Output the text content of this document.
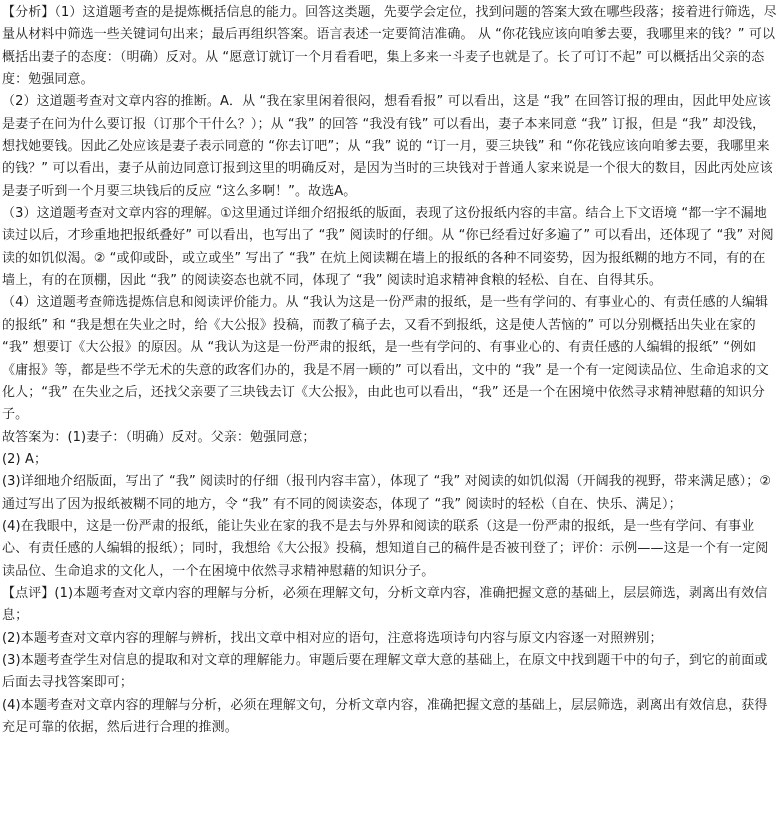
【分析】（1）这道题考查的是提炼概括信息的能力。回答这类题，先要学会定位，找到问题的答案大致在哪些段落；接着进行筛选，尽量从材料中筛选一些关键词句出来；最后再组织答案。语言表述一定要简洁准确。 从 “你花钱应该向咱爹去要，我哪里来的钱？” 可以概括出妻子的态度：（明确）反对。从 “愿意订就订一个月看看吧，集上多来一斗麦子也就是了。长了可订不起” 可以概括出父亲的态度：勉强同意。

（2）这道题考查对文章内容的推断。A．从 “我在家里闲着很闷，想看看报” 可以看出，这是 “我” 在回答订报的理由，因此甲处应该是妻子在问为什么要订报（订那个干什么？）；从 “我” 的回答 “我没有钱” 可以看出，妻子本来同意 “我” 订报，但是 “我” 却没钱，想找她要钱。因此乙处应该是妻子表示同意的 “你去订吧”；从 “我” 说的 “订一月，要三块钱” 和 “你花钱应该向咱爹去要，我哪里来的钱？” 可以看出，妻子从前边同意订报到这里的明确反对，是因为当时的三块钱对于普通人家来说是一个很大的数目，因此丙处应该是妻子听到一个月要三块钱后的反应 “这么多啊！”。故选A。

（3）这道题考查对文章内容的理解。①这里通过详细介绍报纸的版面，表现了这份报纸内容的丰富。结合上下文语境 “都一字不漏地读过以后，才珍重地把报纸叠好” 可以看出，也写出了 “我” 阅读时的仔细。从 “你已经看过好多遍了” 可以看出，还体现了 “我” 对阅读的如饥似渴。② “或仰或卧，或立或坐” 写出了 “我” 在炕上阅读糊在墙上的报纸的各种不同姿势，因为报纸糊的地方不同，有的在墙上，有的在顶棚，因此 “我” 的阅读姿态也就不同，体现了 “我” 阅读时追求精神食粮的轻松、自在、自得其乐。

（4）这道题考查筛选提炼信息和阅读评价能力。从 “我认为这是一份严肃的报纸，是一些有学问的、有事业心的、有责任感的人编辑的报纸” 和 “我是想在失业之时，给《大公报》投稿，而教了稿子去，又看不到报纸，这是使人苦恼的” 可以分别概括出失业在家的 “我” 想要订《大公报》的原因。从 “我认为这是一份严肃的报纸，是一些有学问的、有事业心的、有责任感的人编辑的报纸” “例如《庸报》等，都是些不学无术的失意的政客们办的，我是不屑一顾的” 可以看出，文中的 “我” 是一个有一定阅读品位、生命追求的文化人；“我” 在失业之后，还找父亲要了三块钱去订《大公报》，由此也可以看出，“我” 还是一个在困境中依然寻求精神慰藉的知识分子。

故答案为：(1)妻子：（明确）反对。父亲：勉强同意；

(2) A；

(3)详细地介绍版面，写出了 “我” 阅读时的仔细（报刊内容丰富），体现了 “我” 对阅读的如饥似渴（开阔我的视野，带来满足感）；②通过写出了因为报纸被糊不同的地方，令 “我” 有不同的阅读姿态，体现了 “我” 阅读时的轻松（自在、快乐、满足）；

(4)在我眼中，这是一份严肃的报纸，能让失业在家的我不是去与外界和阅读的联系（这是一份严肃的报纸，是一些有学问、有事业心、有责任感的人编辑的报纸）；同时，我想给《大公报》投稿，想知道自己的稿件是否被刊登了；评价：示例——这是一个有一定阅读品位、生命追求的文化人，一个在困境中依然寻求精神慰藉的知识分子。

【点评】(1)本题考查对文章内容的理解与分析，必须在理解文句，分析文章内容，准确把握文意的基础上，层层筛选，剥离出有效信息；

(2)本题考查对文章内容的理解与辨析，找出文章中相对应的语句，注意将选项诗句内容与原文内容逐一对照辨别；

(3)本题考查学生对信息的提取和对文章的理解能力。审题后要在理解文章大意的基础上，在原文中找到题干中的句子，到它的前面或后面去寻找答案即可；

(4)本题考查对文章内容的理解与分析，必须在理解文句，分析文章内容，准确把握文意的基础上，层层筛选，剥离出有效信息，获得充足可靠的依据，然后进行合理的推测。
